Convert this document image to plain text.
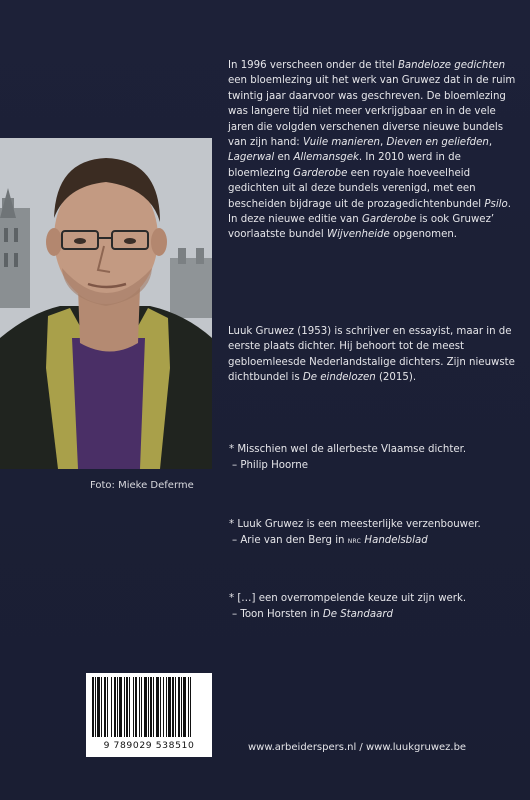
Foto: Mieke Deferme

In 1996 verscheen onder de titel Bandeloze gedichten een bloemlezing uit het werk van Gruwez dat in de ruim twintig jaar daarvoor was geschreven. De bloemlezing was langere tijd niet meer verkrijgbaar en in de vele jaren die volgden verschenen diverse nieuwe bundels van zijn hand: Vuile manieren, Dieven en geliefden, Lagerwal en Allemansgek. In 2010 werd in de bloemlezing Garderobe een royale hoeveelheid gedichten uit al deze bundels verenigd, met een bescheiden bijdrage uit de prozagedichtenbundel Psilo. In deze nieuwe editie van Garderobe is ook Gruwez’ voorlaatste bundel Wijvenheide opgenomen.

Luuk Gruwez (1953) is schrijver en essayist, maar in de eerste plaats dichter. Hij behoort tot de meest gebloemleesde Nederlandstalige dichters. Zijn nieuwste dichtbundel is De eindelozen (2015).

* Misschien wel de allerbeste Vlaamse dichter.
– Philip Hoorne
* Luuk Gruwez is een meesterlijke verzenbouwer.
– Arie van den Berg in nrc Handelsblad
* […] een overrompelende keuze uit zijn werk.
– Toon Horsten in De Standaard
9 789029 538510	www.arbeiderspers.nl / www.luukgruwez.be
